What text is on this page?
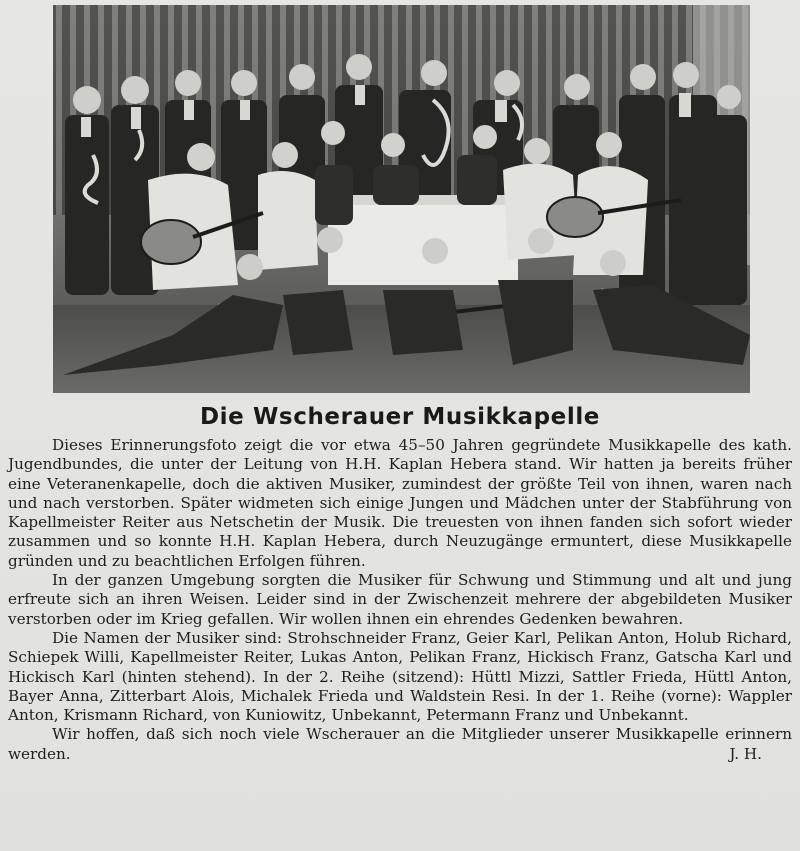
Die Wscherauer Musikkapelle

Dieses Erinnerungsfoto zeigt die vor etwa 45–50 Jahren gegründete Musikkapelle des kath. Jugendbundes, die unter der Leitung von H.H. Kaplan Hebera stand. Wir hatten ja bereits früher eine Veteranenkapelle, doch die aktiven Musiker, zumindest der größte Teil von ihnen, waren nach und nach verstorben. Später widmeten sich einige Jungen und Mädchen unter der Stabführung von Kapellmeister Reiter aus Netschetin der Musik. Die treuesten von ihnen fanden sich sofort wieder zusammen und so konnte H.H. Kaplan Hebera, durch Neuzugänge ermuntert, diese Musikkapelle gründen und zu beachtlichen Erfolgen führen.

In der ganzen Umgebung sorgten die Musiker für Schwung und Stimmung und alt und jung erfreute sich an ihren Weisen. Leider sind in der Zwischenzeit mehrere der abgebildeten Musiker verstorben oder im Krieg gefallen. Wir wollen ihnen ein ehrendes Gedenken bewahren.

Die Namen der Musiker sind: Strohschneider Franz, Geier Karl, Pelikan Anton, Holub Richard, Schiepek Willi, Kapellmeister Reiter, Lukas Anton, Pelikan Franz, Hickisch Franz, Gatscha Karl und Hickisch Karl (hinten stehend). In der 2. Reihe (sitzend): Hüttl Mizzi, Sattler Frieda, Hüttl Anton, Bayer Anna, Zitterbart Alois, Michalek Frieda und Waldstein Resi. In der 1. Reihe (vorne): Wappler Anton, Krismann Richard, von Kuniowitz, Unbekannt, Petermann Franz und Unbekannt.

Wir hoffen, daß sich noch viele Wscherauer an die Mitglieder unserer Musikkapelle erinnern werden.	J. H.
